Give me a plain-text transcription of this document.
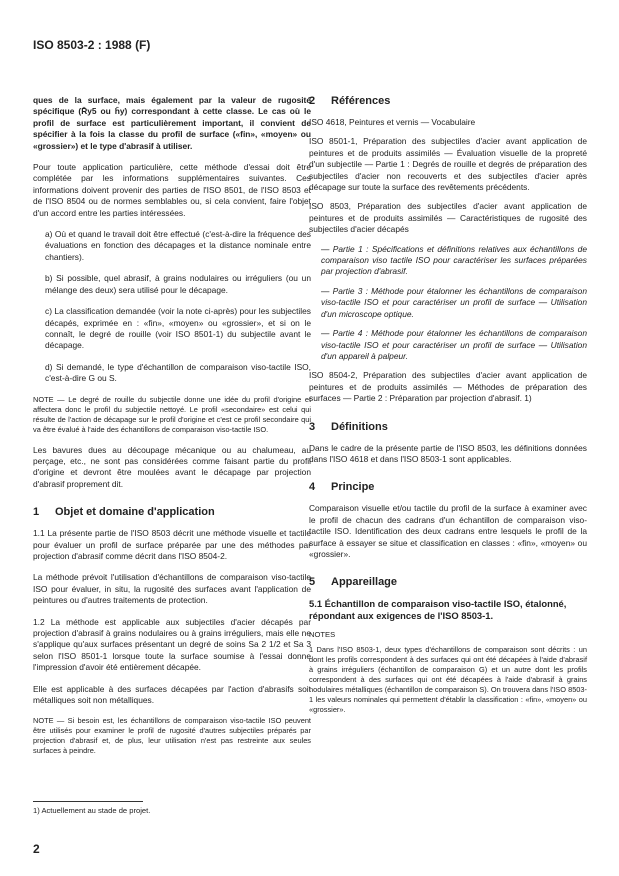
ISO 8503-2 : 1988 (F)

ques de la surface, mais également par la valeur de rugosité spécifique (R̄y5 ou h̄y) correspondant à cette classe. Le cas où le profil de surface est particulièrement important, il convient de spécifier à la fois la classe du profil de surface («fin», «moyen» ou «grossier») et le type d'abrasif à utiliser.

Pour toute application particulière, cette méthode d'essai doit être complétée par les informations supplémentaires suivantes. Ces informations doivent provenir des parties de l'ISO 8501, de l'ISO 8503 et de l'ISO 8504 ou de normes semblables ou, si cela convient, faire l'objet d'un accord entre les parties intéressées.

a) Où et quand le travail doit être effectué (c'est-à-dire la fréquence des évaluations en fonction des décapages et la distance nominale entre chantiers).

b) Si possible, quel abrasif, à grains nodulaires ou irréguliers (ou un mélange des deux) sera utilisé pour le décapage.

c) La classification demandée (voir la note ci-après) pour les subjectiles décapés, exprimée en : «fin», «moyen» ou «grossier», et si on le connaît, le degré de rouille (voir ISO 8501-1) du subjectile avant le décapage.

d) Si demandé, le type d'échantillon de comparaison viso-tactile ISO, c'est-à-dire G ou S.

NOTE — Le degré de rouille du subjectile donne une idée du profil d'origine et affectera donc le profil du subjectile nettoyé. Le profil «secondaire» est celui qui résulte de l'action de décapage sur le profil d'origine et c'est ce profil secondaire qui va être évalué à l'aide des échantillons de comparaison viso-tactile ISO.

Les bavures dues au découpage mécanique ou au chalumeau, au perçage, etc., ne sont pas considérées comme faisant partie du profil d'origine et devront être moulées avant le décapage par projection d'abrasif proprement dit.

1 Objet et domaine d'application

1.1 La présente partie de l'ISO 8503 décrit une méthode visuelle et tactile pour évaluer un profil de surface préparée par une des méthodes par projection d'abrasif comme décrit dans l'ISO 8504-2.

La méthode prévoit l'utilisation d'échantillons de comparaison viso-tactile ISO pour évaluer, in situ, la rugosité des surfaces avant l'application de peintures ou d'autres traitements de protection.

1.2 La méthode est applicable aux subjectiles d'acier décapés par projection d'abrasif à grains nodulaires ou à grains irréguliers, mais elle ne s'applique qu'aux surfaces présentant un degré de soins Sa 2 1/2 et Sa 3 selon l'ISO 8501-1 lorsque toute la surface soumise à l'essai donne l'impression d'avoir été entièrement décapée.

Elle est applicable à des surfaces décapées par l'action d'abrasifs soit métalliques soit non métalliques.

NOTE — Si besoin est, les échantillons de comparaison viso-tactile ISO peuvent être utilisés pour examiner le profil de rugosité d'autres subjectiles préparés par projection d'abrasif et, de plus, leur utilisation n'est pas restreinte aux seules surfaces à peindre.

2 Références

ISO 4618, Peintures et vernis — Vocabulaire

ISO 8501-1, Préparation des subjectiles d'acier avant application de peintures et de produits assimilés — Évaluation visuelle de la propreté d'un subjectile — Partie 1 : Degrés de rouille et degrés de préparation des subjectiles d'acier non recouverts et des subjectiles d'acier après décapage sur toute la surface des revêtements précédents.

ISO 8503, Préparation des subjectiles d'acier avant application de peintures et de produits assimilés — Caractéristiques de rugosité des subjectiles d'acier décapés

— Partie 1 : Spécifications et définitions relatives aux échantillons de comparaison viso tactile ISO pour caractériser les surfaces préparées par projection d'abrasif.

— Partie 3 : Méthode pour étalonner les échantillons de comparaison viso-tactile ISO et pour caractériser un profil de surface — Utilisation d'un microscope optique.

— Partie 4 : Méthode pour étalonner les échantillons de comparaison viso-tactile ISO et pour caractériser un profil de surface — Utilisation d'un appareil à palpeur.

ISO 8504-2, Préparation des subjectiles d'acier avant application de peintures et de produits assimilés — Méthodes de préparation des surfaces — Partie 2 : Préparation par projection d'abrasif. 1)

3 Définitions

Dans le cadre de la présente partie de l'ISO 8503, les définitions données dans l'ISO 4618 et dans l'ISO 8503-1 sont applicables.

4 Principe

Comparaison visuelle et/ou tactile du profil de la surface à examiner avec le profil de chacun des cadrans d'un échantillon de comparaison viso-tactile ISO. Identification des deux cadrans entre lesquels le profil de la surface à essayer se situe et classification en classes : «fin», «moyen» ou «grossier».

5 Appareillage
5.1 Échantillon de comparaison viso-tactile ISO, étalonné, répondant aux exigences de l'ISO 8503-1.
NOTES

1 Dans l'ISO 8503-1, deux types d'échantillons de comparaison sont décrits : un dont les profils correspondent à des surfaces qui ont été décapées à l'aide d'abrasif à grains irréguliers (échantillon de comparaison G) et un autre dont les profils correspondent à des surfaces qui ont été décapées à l'aide d'abrasif à grains nodulaires métalliques (échantillon de comparaison S). On trouvera dans l'ISO 8503-1 les valeurs nominales qui permettent d'établir la classification : «fin», «moyen» ou «grossier».

1) Actuellement au stade de projet.
2
